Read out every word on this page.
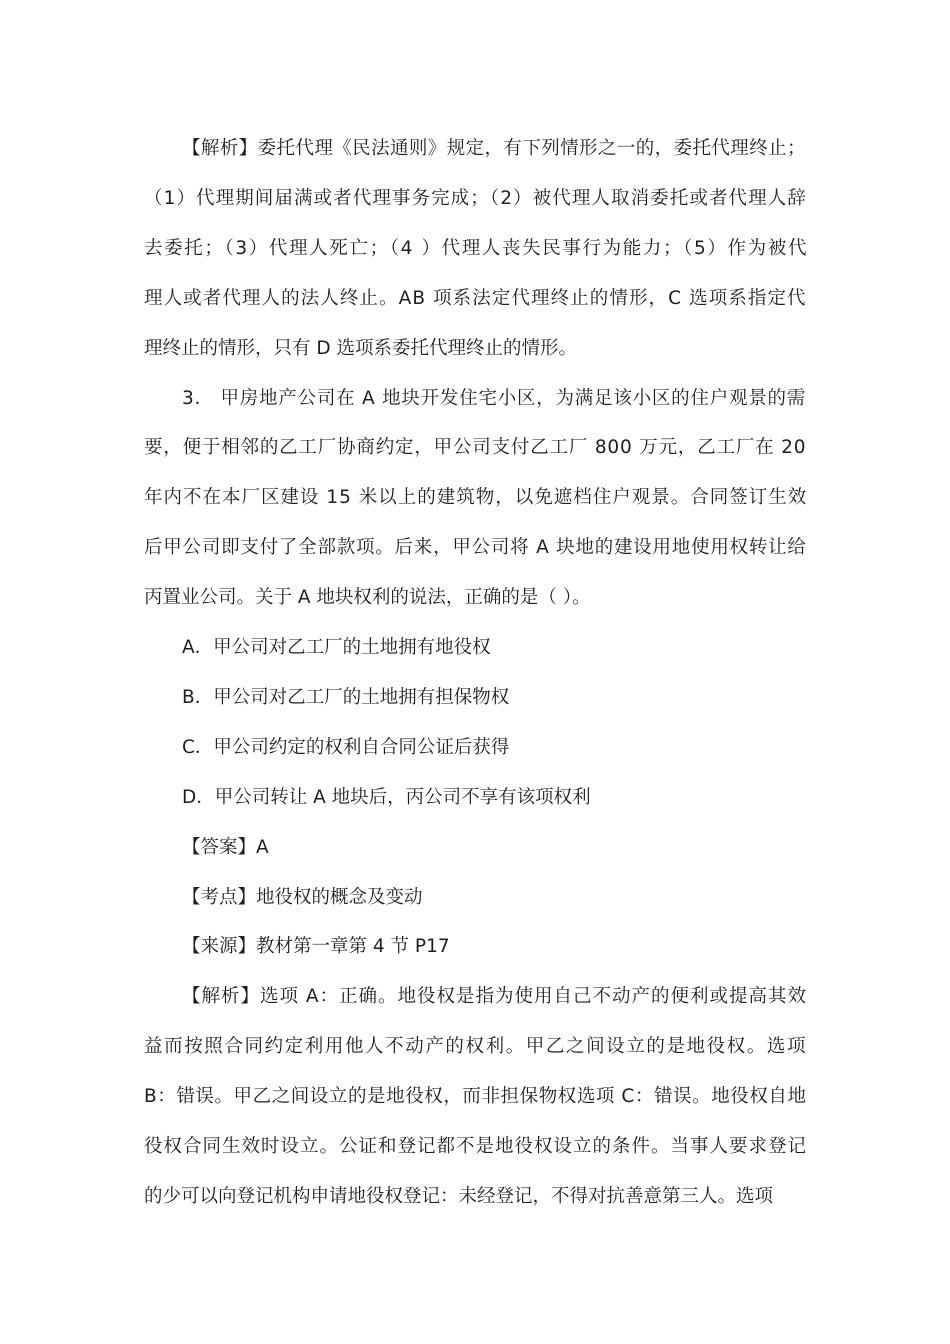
【解析】委托代理《民法通则》规定，有下列情形之一的，委托代理终止；
（1）代理期间届满或者代理事务完成；（2）被代理人取消委托或者代理人辞
去委托；（3）代理人死亡；（4 ）代理人丧失民事行为能力；（5）作为被代
理人或者代理人的法人终止。AB 项系法定代理终止的情形，C 选项系指定代
理终止的情形，只有 D 选项系委托代理终止的情形。
3． 甲房地产公司在 A 地块开发住宅小区，为满足该小区的住户观景的需
要，便于相邻的乙工厂协商约定，甲公司支付乙工厂 800 万元，乙工厂在 20
年内不在本厂区建设 15 米以上的建筑物，以免遮档住户观景。合同签订生效
后甲公司即支付了全部款项。后来，甲公司将 A 块地的建设用地使用权转让给
丙置业公司。关于 A 地块权利的说法，正确的是（ ）。
A．甲公司对乙工厂的土地拥有地役权
B．甲公司对乙工厂的土地拥有担保物权
C．甲公司约定的权利自合同公证后获得
D．甲公司转让 A 地块后，丙公司不享有该项权利
【答案】A
【考点】地役权的概念及变动
【来源】教材第一章第 4 节 P17
【解析】选项 A：正确。地役权是指为使用自己不动产的便利或提高其效
益而按照合同约定利用他人不动产的权利。甲乙之间设立的是地役权。选项
B：错误。甲乙之间设立的是地役权，而非担保物权选项 C：错误。地役权自地
役权合同生效时设立。公证和登记都不是地役权设立的条件。当事人要求登记
的少可以向登记机构申请地役权登记：未经登记，不得对抗善意第三人。选项
